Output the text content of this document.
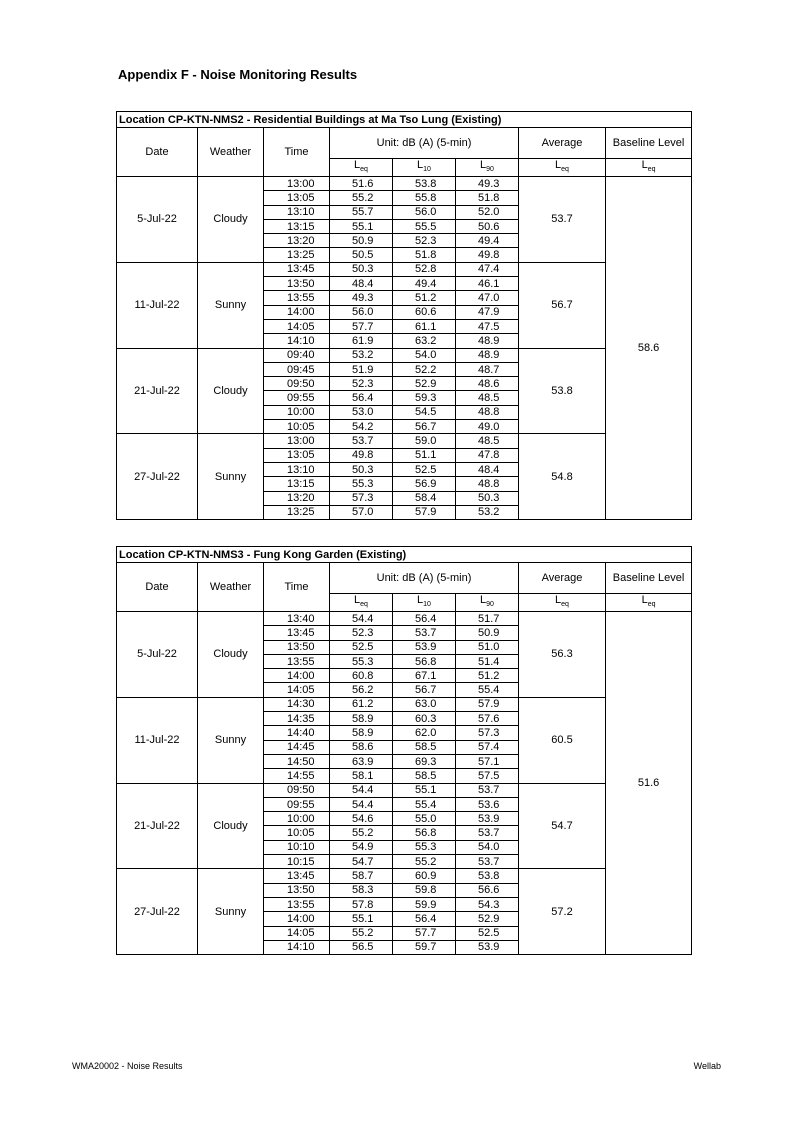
Appendix F - Noise Monitoring Results
Location CP-KTN-NMS2 - Residential Buildings at Ma Tso Lung (Existing)							
Date	Weather	Time	Unit: dB (A) (5-min)			Average	Baseline Level
			$L_{eq}$	$L_{10}$	$L_{90}$	$L_{eq}$	$L_{eq}$
5-Jul-22	Cloudy	13:00	51.6	53.8	49.3	53.7	58.6
		13:05	55.2	55.8	51.8		
		13:10	55.7	56.0	52.0		
		13:15	55.1	55.5	50.6		
		13:20	50.9	52.3	49.4		
		13:25	50.5	51.8	49.8		
11-Jul-22	Sunny	13:45	50.3	52.8	47.4	56.7	
		13:50	48.4	49.4	46.1		
		13:55	49.3	51.2	47.0		
		14:00	56.0	60.6	47.9		
		14:05	57.7	61.1	47.5		
		14:10	61.9	63.2	48.9		
21-Jul-22	Cloudy	09:40	53.2	54.0	48.9	53.8	
		09:45	51.9	52.2	48.7		
		09:50	52.3	52.9	48.6		
		09:55	56.4	59.3	48.5		
		10:00	53.0	54.5	48.8		
		10:05	54.2	56.7	49.0		
27-Jul-22	Sunny	13:00	53.7	59.0	48.5	54.8	
		13:05	49.8	51.1	47.8		
		13:10	50.3	52.5	48.4		
		13:15	55.3	56.9	48.8		
		13:20	57.3	58.4	50.3		
		13:25	57.0	57.9	53.2		
Location CP-KTN-NMS3 - Fung Kong Garden (Existing)							
Date	Weather	Time	Unit: dB (A) (5-min)			Average	Baseline Level
			$L_{eq}$	$L_{10}$	$L_{90}$	$L_{eq}$	$L_{eq}$
5-Jul-22	Cloudy	13:40	54.4	56.4	51.7	56.3	51.6
		13:45	52.3	53.7	50.9		
		13:50	52.5	53.9	51.0		
		13:55	55.3	56.8	51.4		
		14:00	60.8	67.1	51.2		
		14:05	56.2	56.7	55.4		
11-Jul-22	Sunny	14:30	61.2	63.0	57.9	60.5	
		14:35	58.9	60.3	57.6		
		14:40	58.9	62.0	57.3		
		14:45	58.6	58.5	57.4		
		14:50	63.9	69.3	57.1		
		14:55	58.1	58.5	57.5		
21-Jul-22	Cloudy	09:50	54.4	55.1	53.7	54.7	
		09:55	54.4	55.4	53.6		
		10:00	54.6	55.0	53.9		
		10:05	55.2	56.8	53.7		
		10:10	54.9	55.3	54.0		
		10:15	54.7	55.2	53.7		
27-Jul-22	Sunny	13:45	58.7	60.9	53.8	57.2	
		13:50	58.3	59.8	56.6		
		13:55	57.8	59.9	54.3		
		14:00	55.1	56.4	52.9		
		14:05	55.2	57.7	52.5		
		14:10	56.5	59.7	53.9		
WMA20002 - Noise Results	Wellab
